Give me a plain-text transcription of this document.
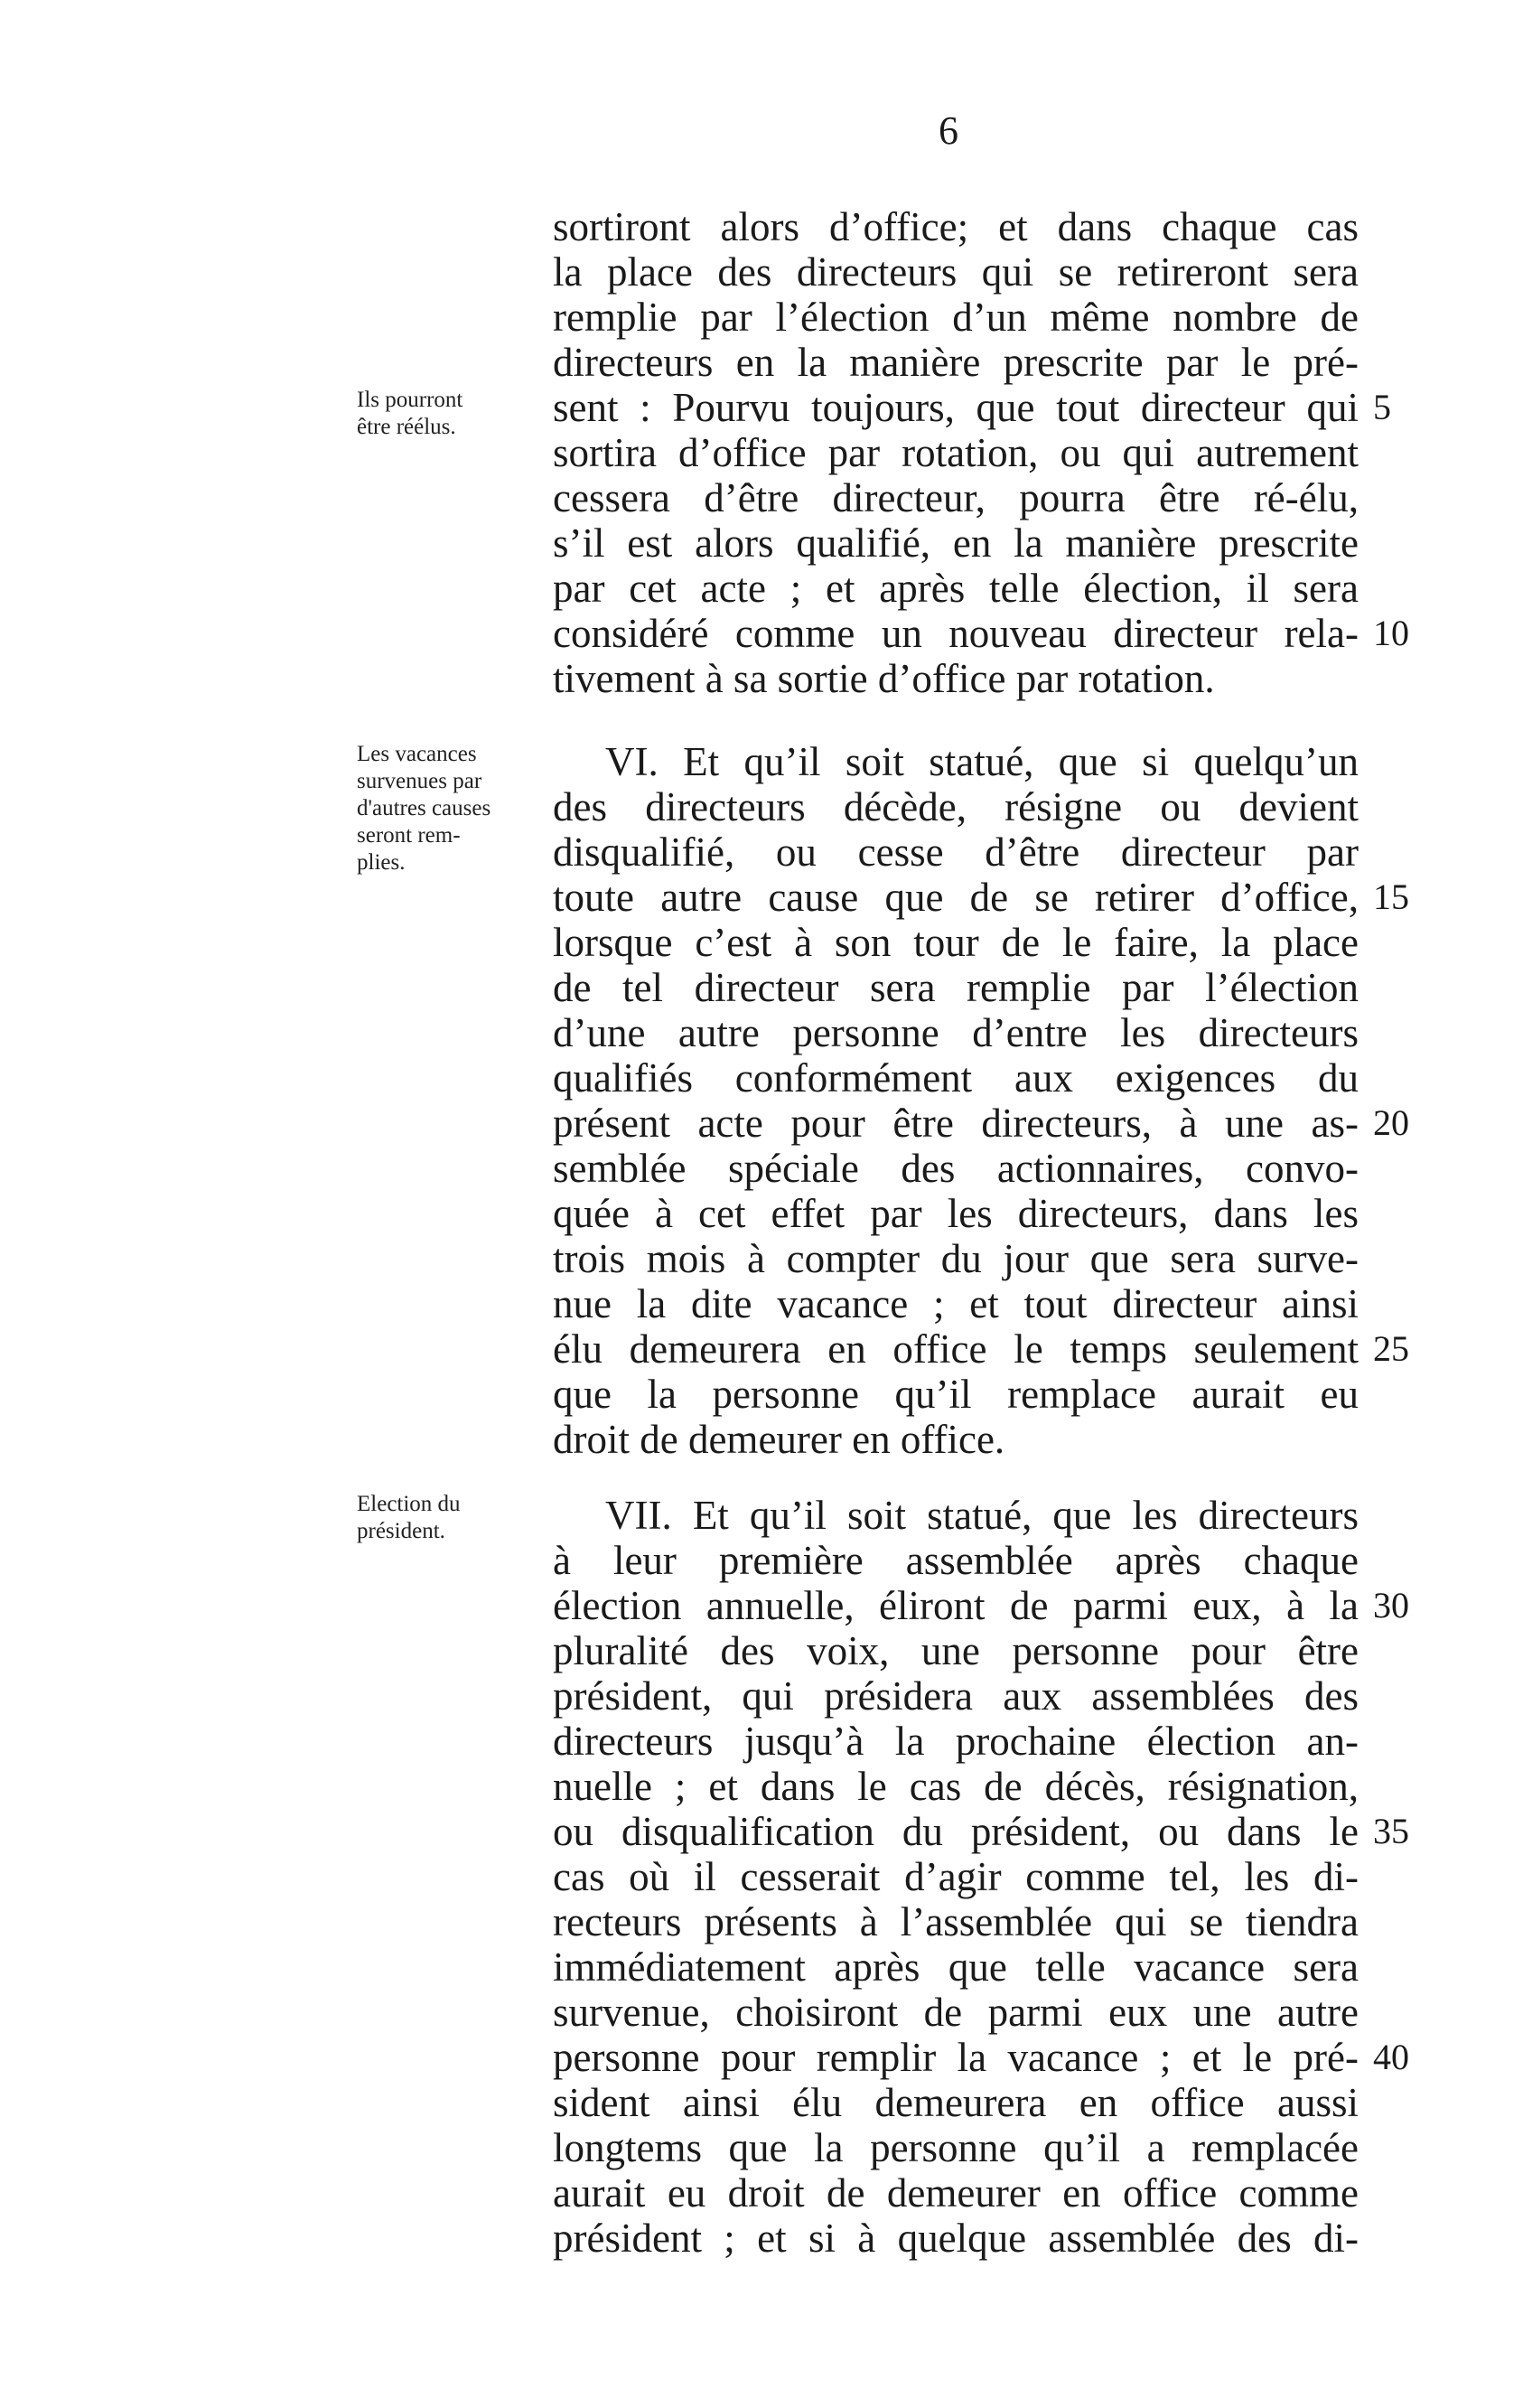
6
Ils pourront
être réélus.
Les vacances
survenues par
d'autres causes
seront rem-
plies.
Election du
président.
sortiront alors d’office; et dans chaque cas
la place des directeurs qui se retireront sera
remplie par l’élection d’un même nombre de
directeurs en la manière prescrite par le pré-
sent : Pourvu toujours, que tout directeur qui
sortira d’office par rotation, ou qui autrement
cessera d’être directeur, pourra être ré-élu,
s’il est alors qualifié, en la manière prescrite
par cet acte ; et après telle élection, il sera
considéré comme un nouveau directeur rela-
tivement à sa sortie d’office par rotation.
VI. Et qu’il soit statué, que si quelqu’un
des directeurs décède, résigne ou devient
disqualifié, ou cesse d’être directeur par
toute autre cause que de se retirer d’office,
lorsque c’est à son tour de le faire, la place
de tel directeur sera remplie par l’élection
d’une autre personne d’entre les directeurs
qualifiés conformément aux exigences du
présent acte pour être directeurs, à une as-
semblée spéciale des actionnaires, convo-
quée à cet effet par les directeurs, dans les
trois mois à compter du jour que sera surve-
nue la dite vacance ; et tout directeur ainsi
élu demeurera en office le temps seulement
que la personne qu’il remplace aurait eu
droit de demeurer en office.
VII. Et qu’il soit statué, que les directeurs
à leur première assemblée après chaque
élection annuelle, éliront de parmi eux, à la
pluralité des voix, une personne pour être
président, qui présidera aux assemblées des
directeurs jusqu’à la prochaine élection an-
nuelle ; et dans le cas de décès, résignation,
ou disqualification du président, ou dans le
cas où il cesserait d’agir comme tel, les di-
recteurs présents à l’assemblée qui se tiendra
immédiatement après que telle vacance sera
survenue, choisiront de parmi eux une autre
personne pour remplir la vacance ; et le pré-
sident ainsi élu demeurera en office aussi
longtems que la personne qu’il a remplacée
aurait eu droit de demeurer en office comme
président ; et si à quelque assemblée des di-
5
10
15
20
25
30
35
40
